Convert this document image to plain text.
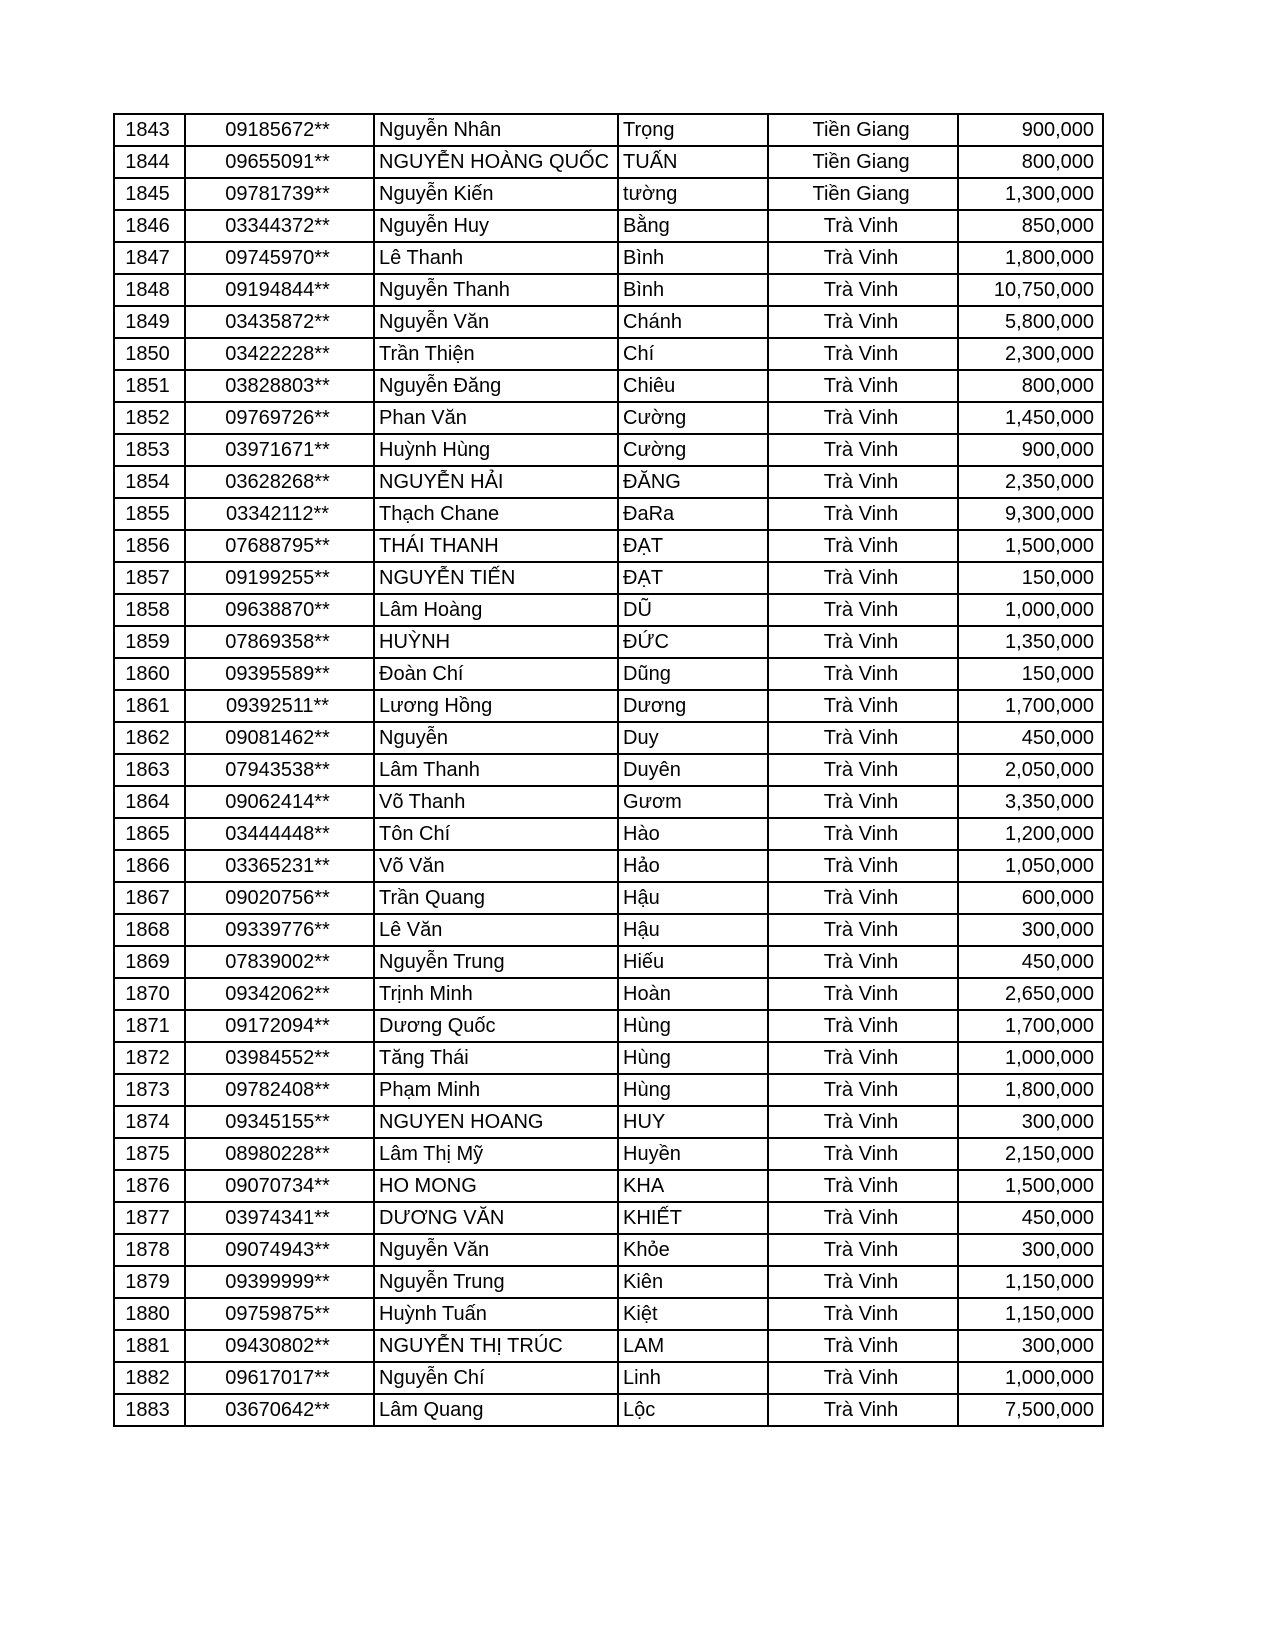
1843	09185672**	Nguyễn Nhân	Trọng	Tiền Giang	900,000
1844	09655091**	NGUYỄN HOÀNG QUỐC	TUẤN	Tiền Giang	800,000
1845	09781739**	Nguyễn Kiến	tường	Tiền Giang	1,300,000
1846	03344372**	Nguyễn Huy	Bằng	Trà Vinh	850,000
1847	09745970**	Lê Thanh	Bình	Trà Vinh	1,800,000
1848	09194844**	Nguyễn Thanh	Bình	Trà Vinh	10,750,000
1849	03435872**	Nguyễn Văn	Chánh	Trà Vinh	5,800,000
1850	03422228**	Trần Thiện	Chí	Trà Vinh	2,300,000
1851	03828803**	Nguyễn Đăng	Chiêu	Trà Vinh	800,000
1852	09769726**	Phan Văn	Cường	Trà Vinh	1,450,000
1853	03971671**	Huỳnh Hùng	Cường	Trà Vinh	900,000
1854	03628268**	NGUYỄN HẢI	ĐĂNG	Trà Vinh	2,350,000
1855	03342112**	Thạch Chane	ĐaRa	Trà Vinh	9,300,000
1856	07688795**	THÁI THANH	ĐẠT	Trà Vinh	1,500,000
1857	09199255**	NGUYỄN TIẾN	ĐẠT	Trà Vinh	150,000
1858	09638870**	Lâm Hoàng	DŨ	Trà Vinh	1,000,000
1859	07869358**	HUỲNH	ĐỨC	Trà Vinh	1,350,000
1860	09395589**	Đoàn Chí	Dũng	Trà Vinh	150,000
1861	09392511**	Lương Hồng	Dương	Trà Vinh	1,700,000
1862	09081462**	Nguyễn	Duy	Trà Vinh	450,000
1863	07943538**	Lâm Thanh	Duyên	Trà Vinh	2,050,000
1864	09062414**	Võ Thanh	Gươm	Trà Vinh	3,350,000
1865	03444448**	Tôn Chí	Hào	Trà Vinh	1,200,000
1866	03365231**	Võ Văn	Hảo	Trà Vinh	1,050,000
1867	09020756**	Trần Quang	Hậu	Trà Vinh	600,000
1868	09339776**	Lê Văn	Hậu	Trà Vinh	300,000
1869	07839002**	Nguyễn Trung	Hiếu	Trà Vinh	450,000
1870	09342062**	Trịnh Minh	Hoàn	Trà Vinh	2,650,000
1871	09172094**	Dương Quốc	Hùng	Trà Vinh	1,700,000
1872	03984552**	Tăng Thái	Hùng	Trà Vinh	1,000,000
1873	09782408**	Phạm Minh	Hùng	Trà Vinh	1,800,000
1874	09345155**	NGUYEN HOANG	HUY	Trà Vinh	300,000
1875	08980228**	Lâm Thị Mỹ	Huyền	Trà Vinh	2,150,000
1876	09070734**	HO MONG	KHA	Trà Vinh	1,500,000
1877	03974341**	DƯƠNG VĂN	KHIẾT	Trà Vinh	450,000
1878	09074943**	Nguyễn Văn	Khỏe	Trà Vinh	300,000
1879	09399999**	Nguyễn Trung	Kiên	Trà Vinh	1,150,000
1880	09759875**	Huỳnh Tuấn	Kiệt	Trà Vinh	1,150,000
1881	09430802**	NGUYỄN THỊ TRÚC	LAM	Trà Vinh	300,000
1882	09617017**	Nguyễn Chí	Linh	Trà Vinh	1,000,000
1883	03670642**	Lâm Quang	Lộc	Trà Vinh	7,500,000
